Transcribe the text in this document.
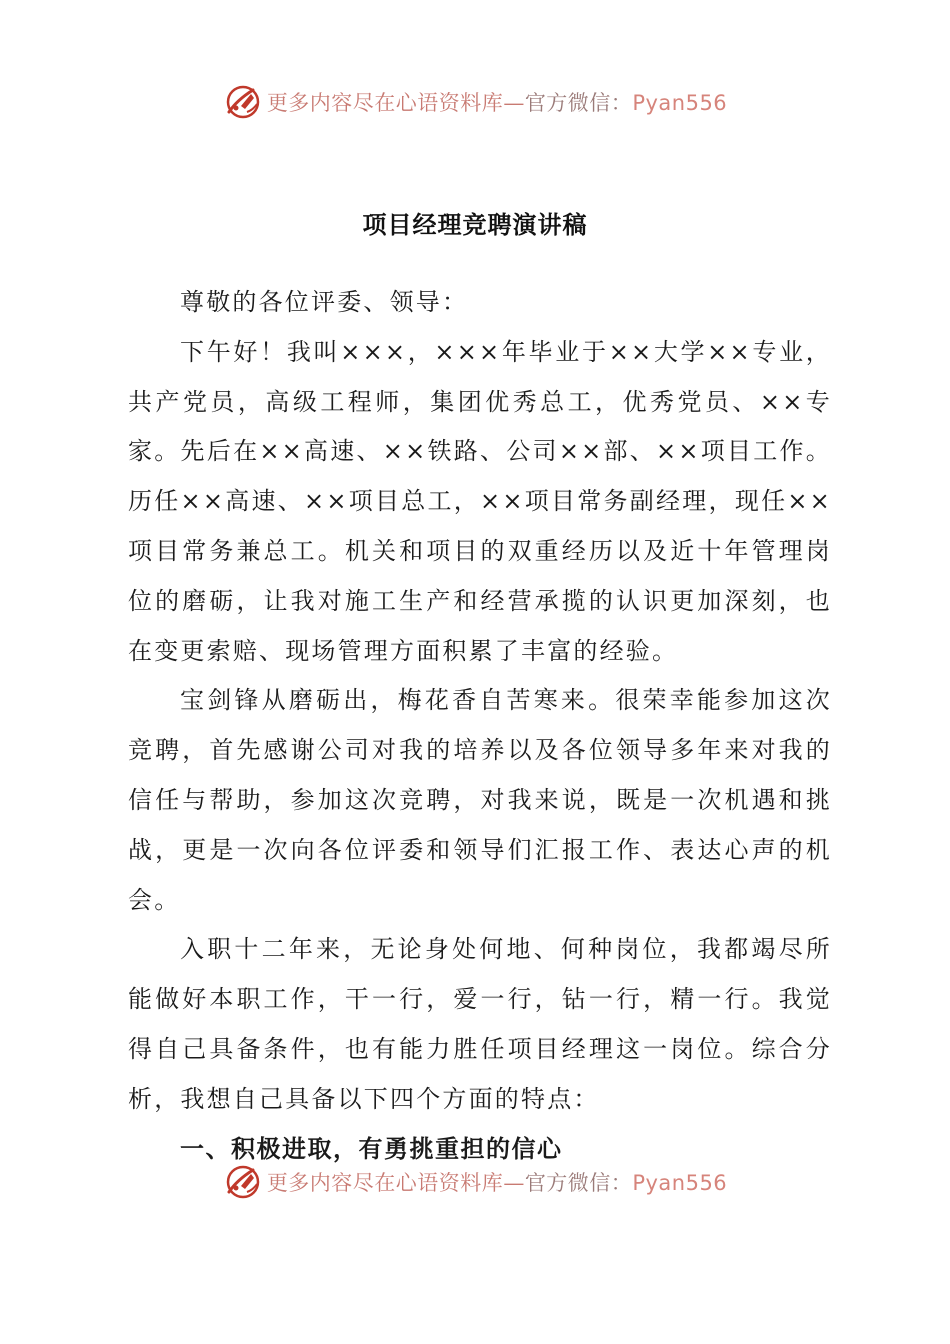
更多内容尽在心语资料库—官方微信：Pyan556
项目经理竞聘演讲稿

尊敬的各位评委、领导：

下午好！我叫×××，×××年毕业于××大学××专业，共产党员，高级工程师，集团优秀总工，优秀党员、××专家。先后在××高速、××铁路、公司××部、××项目工作。历任××高速、××项目总工，××项目常务副经理，现任××项目常务兼总工。机关和项目的双重经历以及近十年管理岗位的磨砺，让我对施工生产和经营承揽的认识更加深刻，也在变更索赔、现场管理方面积累了丰富的经验。

宝剑锋从磨砺出，梅花香自苦寒来。很荣幸能参加这次竞聘，首先感谢公司对我的培养以及各位领导多年来对我的信任与帮助，参加这次竞聘，对我来说，既是一次机遇和挑战，更是一次向各位评委和领导们汇报工作、表达心声的机会。

入职十二年来，无论身处何地、何种岗位，我都竭尽所能做好本职工作，干一行，爱一行，钻一行，精一行。我觉得自己具备条件，也有能力胜任项目经理这一岗位。综合分析，我想自己具备以下四个方面的特点：

一、积极进取，有勇挑重担的信心

更多内容尽在心语资料库—官方微信：Pyan556
